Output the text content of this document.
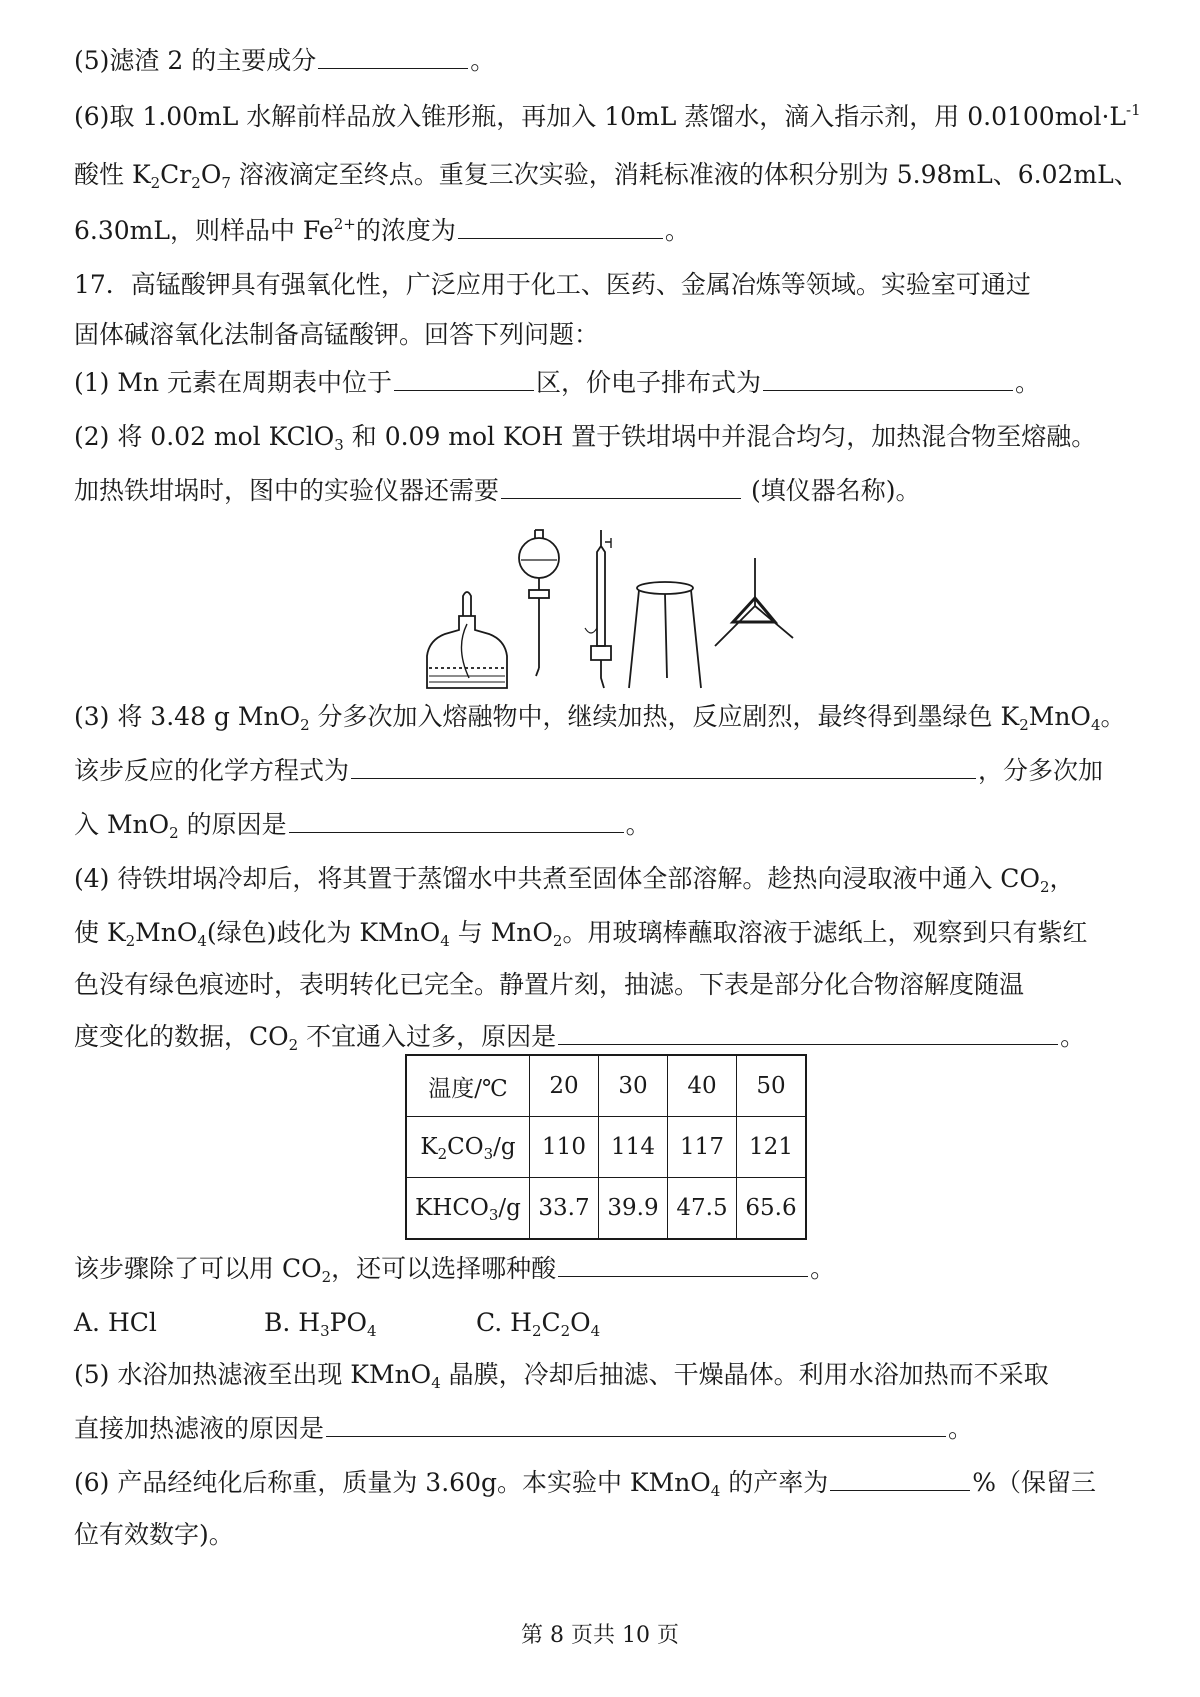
(5)滤渣 2 的主要成分	。
(6)取 1.00mL 水解前样品放入锥形瓶，再加入 10mL 蒸馏水，滴入指示剂，用 $0.0100mol\cdot L^{-1}$
酸性 $K_2Cr_2O_7$ 溶液滴定至终点。重复三次实验，消耗标准液的体积分别为 5.98mL、6.02mL、
6.30mL，则样品中 $Fe^{2+}$的浓度为	。
17．高锰酸钾具有强氧化性，广泛应用于化工、医药、金属冶炼等领域。实验室可通过
固体碱溶氧化法制备高锰酸钾。回答下列问题：
(1) Mn 元素在周期表中位于	区，价电子排布式为	。
(2) 将 0.02 mol KClO$_3$ 和 0.09 mol KOH 置于铁坩埚中并混合均匀，加热混合物至熔融。
加热铁坩埚时，图中的实验仪器还需要	(填仪器名称)。
(3) 将 3.48 g MnO$_2$ 分多次加入熔融物中，继续加热，反应剧烈，最终得到墨绿色 $K_2MnO_4$。
该步反应的化学方程式为	，分多次加
入 MnO$_2$ 的原因是	。
(4) 待铁坩埚冷却后，将其置于蒸馏水中共煮至固体全部溶解。趁热向浸取液中通入 $CO_2$，
使 $K_2MnO_4$(绿色)歧化为 KMnO$_4$ 与 MnO$_2$。用玻璃棒蘸取溶液于滤纸上，观察到只有紫红
色没有绿色痕迹时，表明转化已完全。静置片刻，抽滤。下表是部分化合物溶解度随温
度变化的数据，$CO_2$ 不宜通入过多，原因是	。
温度/℃	20	30	40	50
$K_2CO_3/g$	110	114	117	121
$KHCO_3/g$	33.7	39.9	47.5	65.6
该步骤除了可以用 $CO_2$，还可以选择哪种酸	。
A. HCl	B. $H_3PO_4$	C. $H_2C_2O_4$
(5) 水浴加热滤液至出现 KMnO$_4$ 晶膜，冷却后抽滤、干燥晶体。利用水浴加热而不采取
直接加热滤液的原因是	。
(6) 产品经纯化后称重，质量为 3.60g。本实验中 KMnO$_4$ 的产率为	%（保留三
位有效数字)。
第 8 页共 10 页
